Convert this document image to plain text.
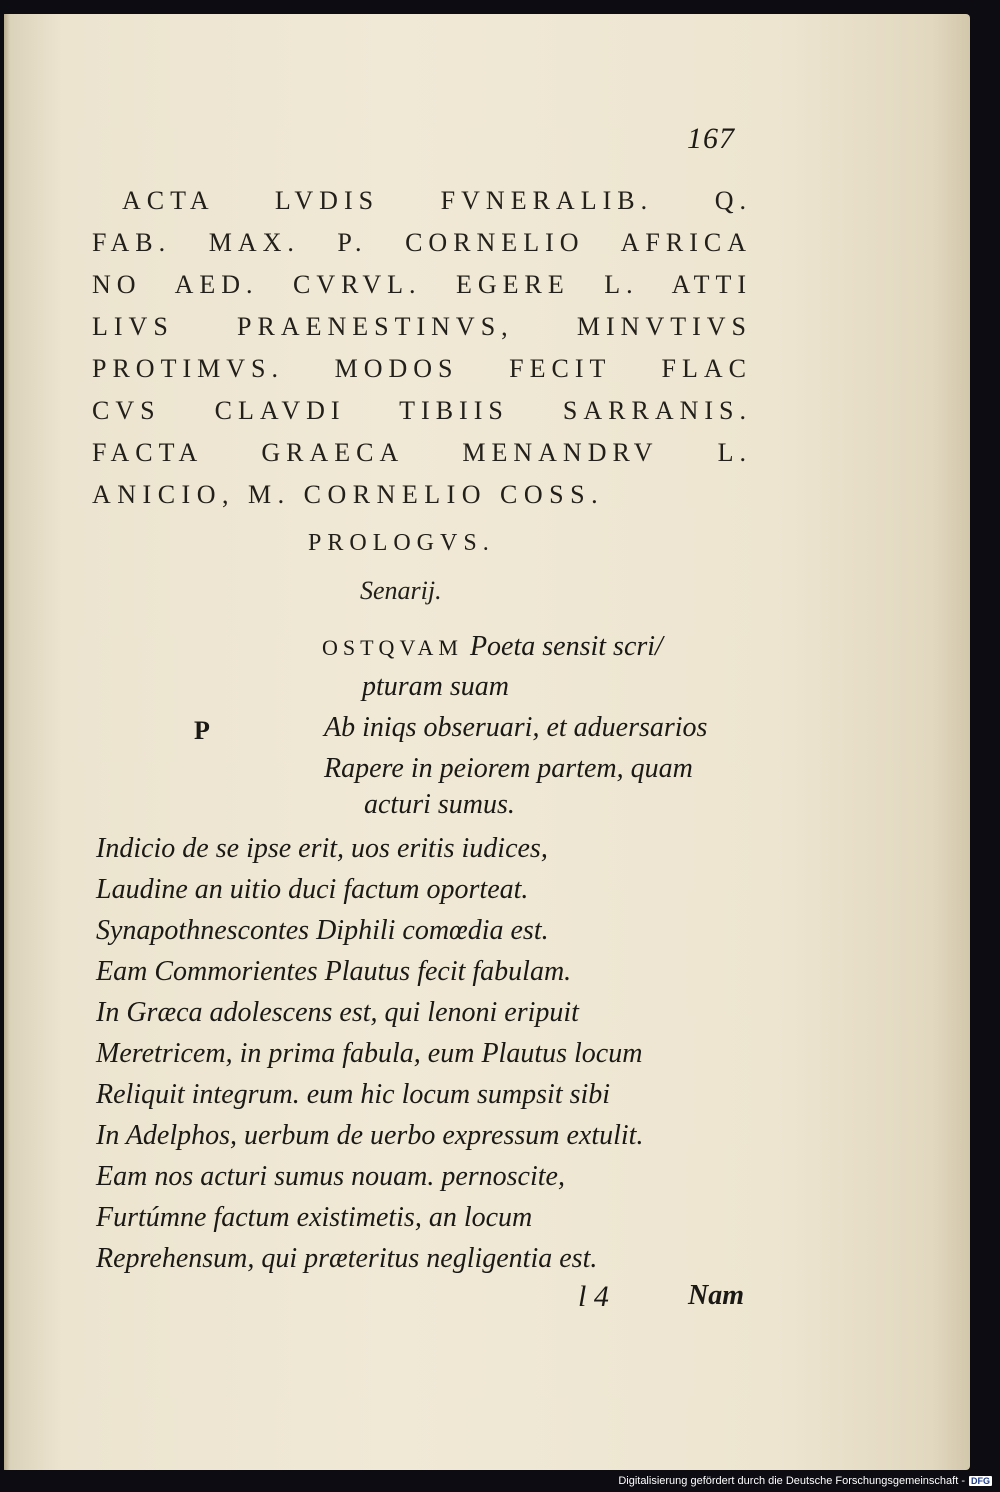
167
ACTA LVDIS FVNERALIB. Q.
FAB. MAX. P. CORNELIO AFRICA
NO AED. CVRVL. EGERE L. ATTI
LIVS PRAENESTINVS, MINVTIVS
PROTIMVS. MODOS FECIT FLAC
CVS CLAVDI TIBIIS SARRANIS.
FACTA GRAECA MENANDRV L.
ANICIO, M. CORNELIO COSS.
PROLOGVS.
Senarij.
P
OSTQVAM Poeta sensit scri/
pturam suam
Ab iniqs obseruari, et aduersarios
Rapere in peiorem partem, quam
acturi sumus.
Indicio de se ipse erit, uos eritis iudices,
Laudine an uitio duci factum oporteat.
Synapothnescontes Diphili comœdia est.
Eam Commorientes Plautus fecit fabulam.
In Græca adolescens est, qui lenoni eripuit
Meretricem, in prima fabula, eum Plautus locum
Reliquit integrum. eum hic locum sumpsit sibi
In Adelphos, uerbum de uerbo expressum extulit.
Eam nos acturi sumus nouam. pernoscite,
Furtúmne factum existimetis, an locum
Reprehensum, qui præteritus negligentia est.
l 4	Nam
Digitalisierung gefördert durch die Deutsche Forschungsgemeinschaft - DFG
